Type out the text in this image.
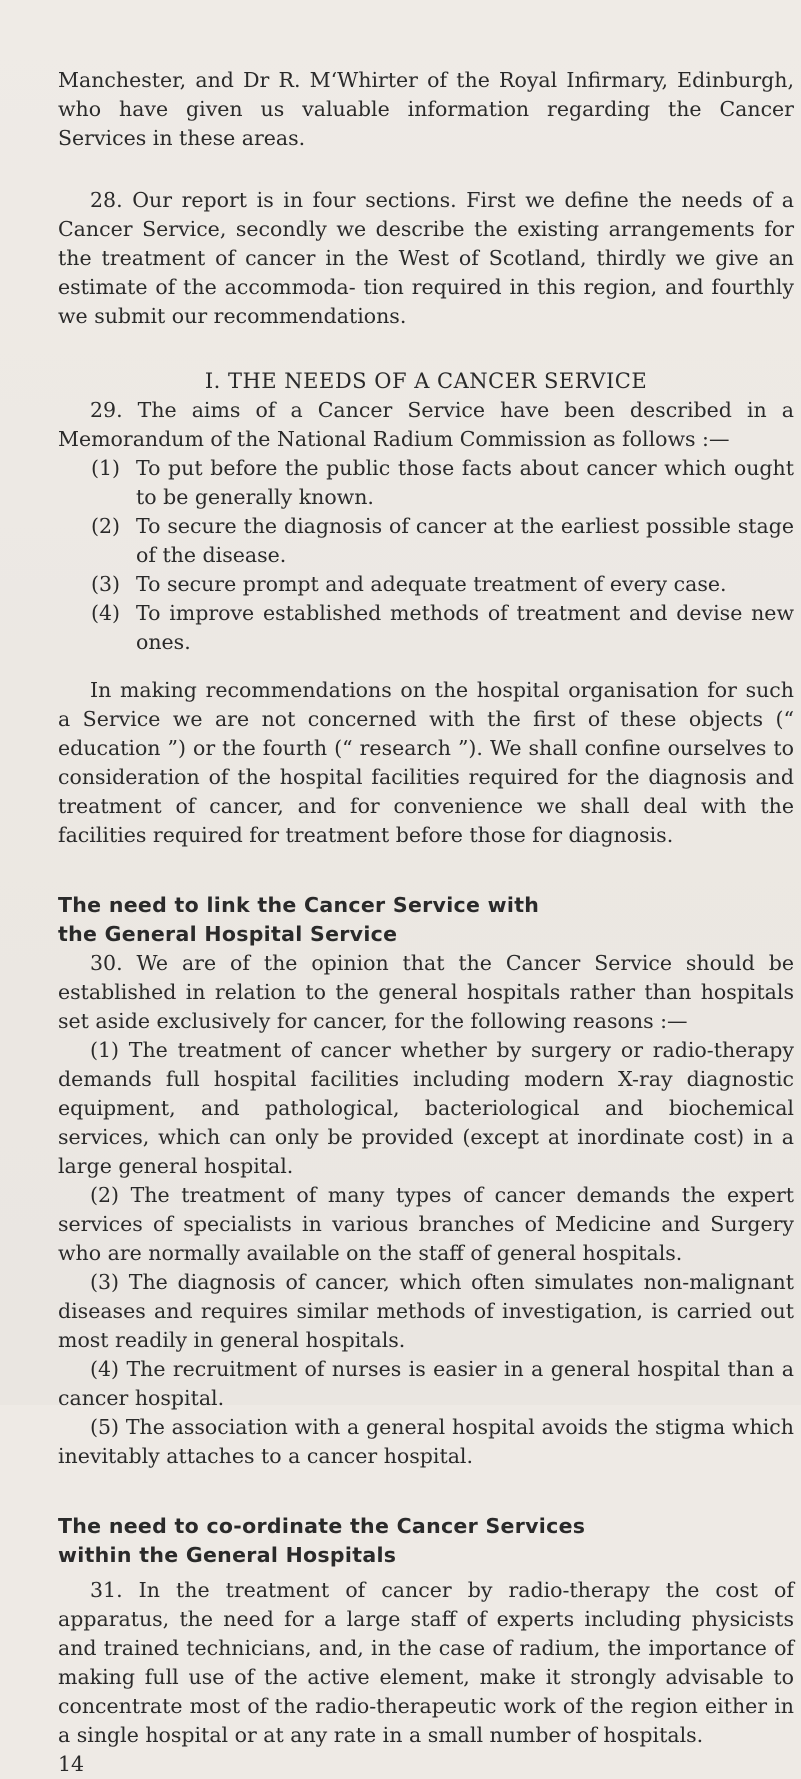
Manchester, and Dr R. M‘Whirter of the Royal Infirmary, Edinburgh, who have given us valuable information regarding the Cancer Services in these areas.

28. Our report is in four sections. First we define the needs of a Cancer Service, secondly we describe the existing arrangements for the treatment of cancer in the West of Scotland, thirdly we give an estimate of the accommoda- tion required in this region, and fourthly we submit our recommendations.

I. THE NEEDS OF A CANCER SERVICE

29. The aims of a Cancer Service have been described in a Memorandum of the National Radium Commission as follows :—

(1) To put before the public those facts about cancer which ought to be generally known.
(2) To secure the diagnosis of cancer at the earliest possible stage of the disease.
(3) To secure prompt and adequate treatment of every case.
(4) To improve established methods of treatment and devise new ones.

In making recommendations on the hospital organisation for such a Service we are not concerned with the first of these objects (“ education ”) or the fourth (“ research ”). We shall confine ourselves to consideration of the hospital facilities required for the diagnosis and treatment of cancer, and for convenience we shall deal with the facilities required for treatment before those for diagnosis.

The need to link the Cancer Service with

the General Hospital Service

30. We are of the opinion that the Cancer Service should be established in relation to the general hospitals rather than hospitals set aside exclusively for cancer, for the following reasons :—

(1) The treatment of cancer whether by surgery or radio-therapy demands full hospital facilities including modern X-ray diagnostic equipment, and pathological, bacteriological and biochemical services, which can only be provided (except at inordinate cost) in a large general hospital.

(2) The treatment of many types of cancer demands the expert services of specialists in various branches of Medicine and Surgery who are normally available on the staff of general hospitals.

(3) The diagnosis of cancer, which often simulates non-malignant diseases and requires similar methods of investigation, is carried out most readily in general hospitals.

(4) The recruitment of nurses is easier in a general hospital than a cancer hospital.

(5) The association with a general hospital avoids the stigma which inevitably attaches to a cancer hospital.

The need to co-ordinate the Cancer Services

within the General Hospitals

31. In the treatment of cancer by radio-therapy the cost of apparatus, the need for a large staff of experts including physicists and trained technicians, and, in the case of radium, the importance of making full use of the active element, make it strongly advisable to concentrate most of the radio-therapeutic work of the region either in a single hospital or at any rate in a small number of hospitals.

14
